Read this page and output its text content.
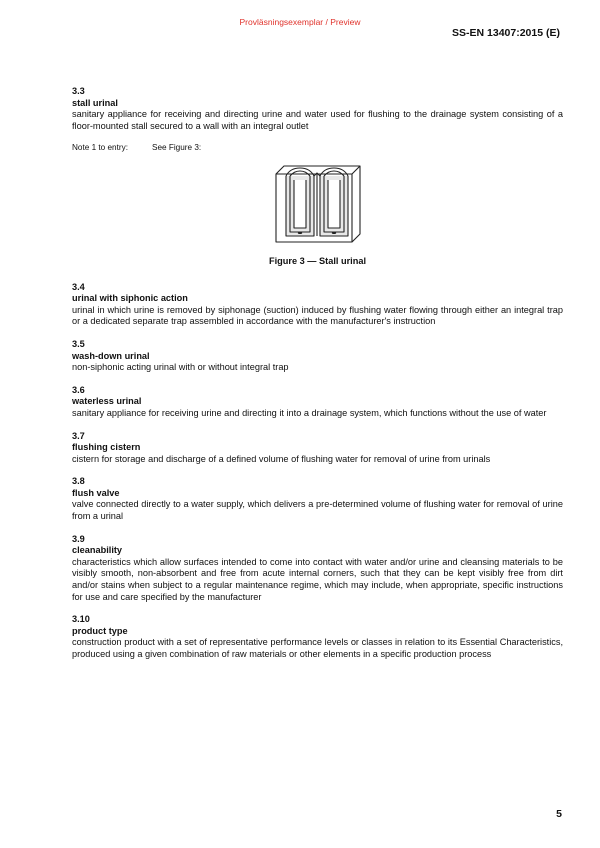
Provläsningsexemplar / Preview
SS-EN 13407:2015 (E)
3.3
stall urinal
sanitary appliance for receiving and directing urine and water used for flushing to the drainage system consisting of a floor-mounted stall secured to a wall with an integral outlet
Note 1 to entry:	See Figure 3:
Figure 3 — Stall urinal
3.4
urinal with siphonic action
urinal in which urine is removed by siphonage (suction) induced by flushing water flowing through either an integral trap or a dedicated separate trap assembled in accordance with the manufacturer's instruction
3.5
wash-down urinal
non-siphonic acting urinal with or without integral trap
3.6
waterless urinal
sanitary appliance for receiving urine and directing it into a drainage system, which functions without the use of water
3.7
flushing cistern
cistern for storage and discharge of a defined volume of flushing water for removal of urine from urinals
3.8
flush valve
valve connected directly to a water supply, which delivers a pre-determined volume of flushing water for removal of urine from a urinal
3.9
cleanability
characteristics which allow surfaces intended to come into contact with water and/or urine and cleansing materials to be visibly smooth, non-absorbent and free from acute internal corners, such that they can be kept visibly free from dirt and/or stains when subject to a regular maintenance regime, which may include, when appropriate, specific instructions for use and care specified by the manufacturer
3.10
product type
construction product with a set of representative performance levels or classes in relation to its Essential Characteristics, produced using a given combination of raw materials or other elements in a specific production process
5
